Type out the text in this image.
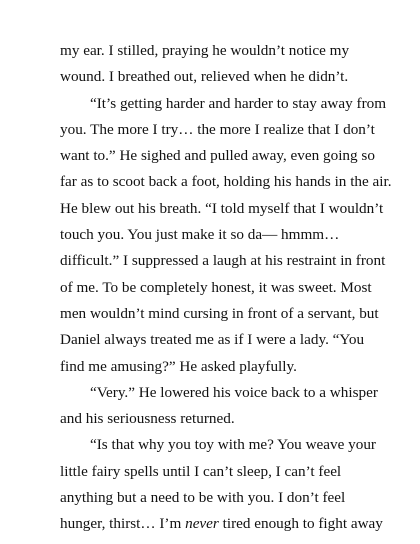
my ear. I stilled, praying he wouldn’t notice my
wound. I breathed out, relieved when he didn’t.
“It’s getting harder and harder to stay away from
you. The more I try… the more I realize that I don’t
want to.” He sighed and pulled away, even going so
far as to scoot back a foot, holding his hands in the air.
He blew out his breath. “I told myself that I wouldn’t
touch you. You just make it so da— hmmm…
difficult.” I suppressed a laugh at his restraint in front
of me. To be completely honest, it was sweet. Most
men wouldn’t mind cursing in front of a servant, but
Daniel always treated me as if I were a lady. “You
find me amusing?” He asked playfully.
“Very.” He lowered his voice back to a whisper
and his seriousness returned.
“Is that why you toy with me? You weave your
little fairy spells until I can’t sleep, I can’t feel
anything but a need to be with you. I don’t feel
hunger, thirst… I’m never tired enough to fight away
